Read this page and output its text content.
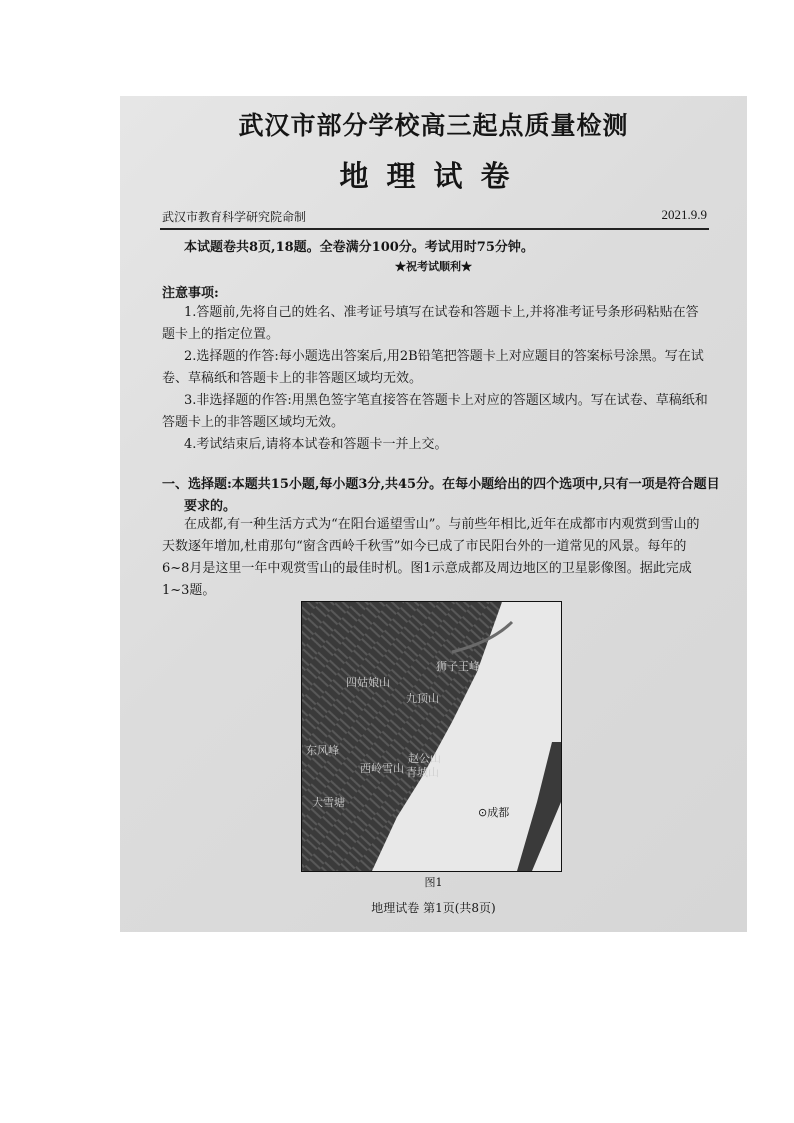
武汉市部分学校高三起点质量检测
地理试卷
武汉市教育科学研究院命制	2021.9.9
本试题卷共8页,18题。全卷满分100分。考试用时75分钟。
★祝考试顺利★
注意事项:

1.答题前,先将自己的姓名、准考证号填写在试卷和答题卡上,并将准考证号条形码粘贴在答题卡上的指定位置。

2.选择题的作答:每小题选出答案后,用2B铅笔把答题卡上对应题目的答案标号涂黑。写在试卷、草稿纸和答题卡上的非答题区域均无效。

3.非选择题的作答:用黑色签字笔直接答在答题卡上对应的答题区域内。写在试卷、草稿纸和答题卡上的非答题区域均无效。

4.考试结束后,请将本试卷和答题卡一并上交。

一、选择题:本题共15小题,每小题3分,共45分。在每小题给出的四个选项中,只有一项是符合题目要求的。

在成都,有一种生活方式为“在阳台遥望雪山”。与前些年相比,近年在成都市内观赏到雪山的天数逐年增加,杜甫那句“窗含西岭千秋雪”如今已成了市民阳台外的一道常见的风景。每年的6~8月是这里一年中观赏雪山的最佳时机。图1示意成都及周边地区的卫星影像图。据此完成1~3题。

狮子王峰
四姑娘山
九顶山
东风峰
赵公山
西岭雪山 青城山
大雪塘
⊙成都
图1
地理试卷 第1页(共8页)
